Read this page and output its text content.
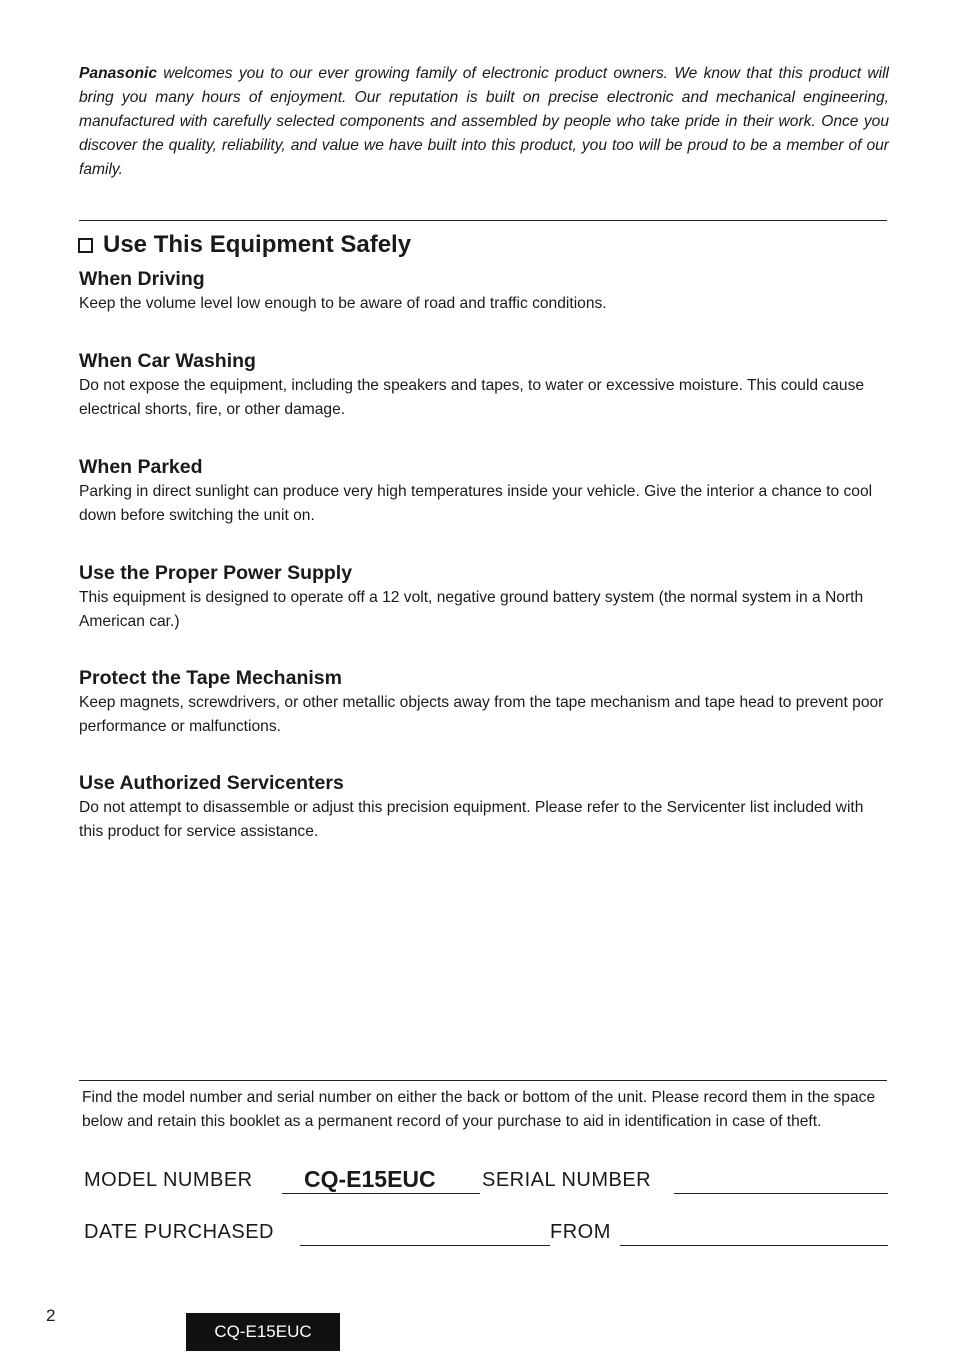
Panasonic welcomes you to our ever growing family of electronic product owners. We know that this product will bring you many hours of enjoyment. Our reputation is built on precise electronic and mechanical engineering, manufactured with carefully selected components and assembled by people who take pride in their work. Once you discover the quality, reliability, and value we have built into this product, you too will be proud to be a member of our family.

Use This Equipment Safely
When Driving

Keep the volume level low enough to be aware of road and traffic conditions.

When Car Washing

Do not expose the equipment, including the speakers and tapes, to water or excessive moisture. This could cause electrical shorts, fire, or other damage.

When Parked

Parking in direct sunlight can produce very high temperatures inside your vehicle. Give the interior a chance to cool down before switching the unit on.

Use the Proper Power Supply

This equipment is designed to operate off a 12 volt, negative ground battery system (the normal system in a North American car.)

Protect the Tape Mechanism

Keep magnets, screwdrivers, or other metallic objects away from the tape mechanism and tape head to prevent poor performance or malfunctions.

Use Authorized Servicenters

Do not attempt to disassemble or adjust this precision equipment. Please refer to the Servicenter list included with this product for service assistance.

Find the model number and serial number on either the back or bottom of the unit. Please record them in the space below and retain this booklet as a permanent record of your purchase to aid in identification in case of theft.

MODEL NUMBER CQ-E15EUC SERIAL NUMBER
DATE PURCHASED	FROM
2
CQ-E15EUC
